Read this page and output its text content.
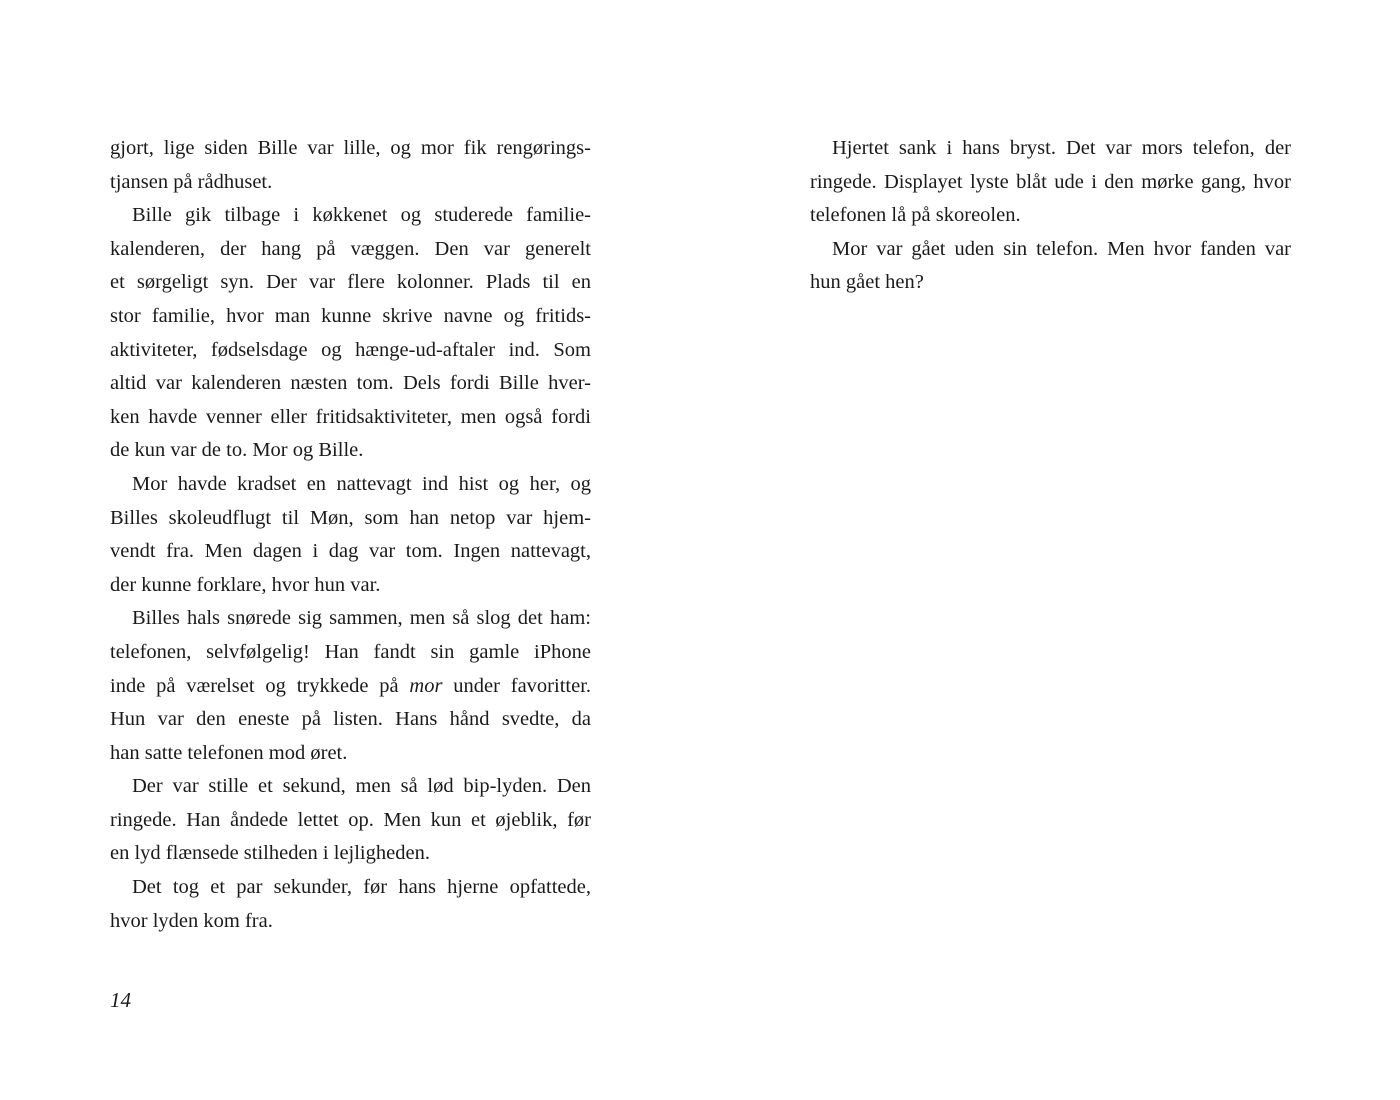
gjort, lige siden Bille var lille, og mor fik rengørings-
tjansen på rådhuset.
Bille gik tilbage i køkkenet og studerede familie-
kalenderen, der hang på væggen. Den var generelt
et sørgeligt syn. Der var flere kolonner. Plads til en
stor familie, hvor man kunne skrive navne og fritids-
aktiviteter, fødselsdage og hænge-ud-aftaler ind. Som
altid var kalenderen næsten tom. Dels fordi Bille hver-
ken havde venner eller fritidsaktiviteter, men også fordi
de kun var de to. Mor og Bille.
Mor havde kradset en nattevagt ind hist og her, og
Billes skoleudflugt til Møn, som han netop var hjem-
vendt fra. Men dagen i dag var tom. Ingen nattevagt,
der kunne forklare, hvor hun var.
Billes hals snørede sig sammen, men så slog det ham:
telefonen, selvfølgelig! Han fandt sin gamle iPhone
inde på værelset og trykkede på mor under favoritter.
Hun var den eneste på listen. Hans hånd svedte, da
han satte telefonen mod øret.
Der var stille et sekund, men så lød bip-lyden. Den
ringede. Han åndede lettet op. Men kun et øjeblik, før
en lyd flænsede stilheden i lejligheden.
Det tog et par sekunder, før hans hjerne opfattede,
hvor lyden kom fra.
14
Hjertet sank i hans bryst. Det var mors telefon, der
ringede. Displayet lyste blåt ude i den mørke gang, hvor
telefonen lå på skoreolen.
Mor var gået uden sin telefon. Men hvor fanden var
hun gået hen?
